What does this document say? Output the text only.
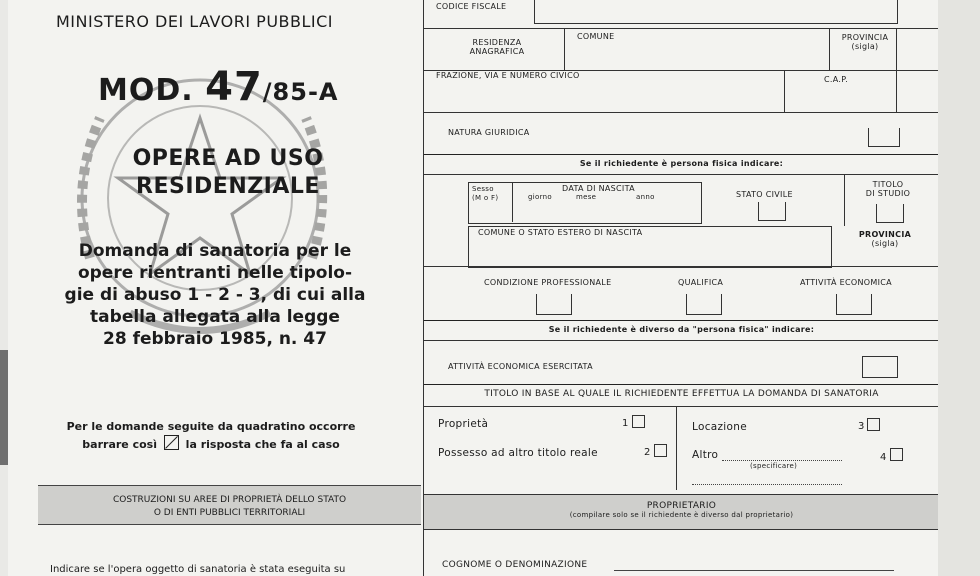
MINISTERO DEI LAVORI PUBBLICI
MOD. 47/85-A
OPERE AD USO
RESIDENZIALE
Domanda di sanatoria per le
opere rientranti nelle tipolo-
gie di abuso 1 - 2 - 3, di cui alla
tabella allegata alla legge
28 febbraio 1985, n. 47
Per le domande seguite da quadratino occorre
barrare così	la risposta che fa al caso
COSTRUZIONI SU AREE DI PROPRIETÀ DELLO STATO
O DI ENTI PUBBLICI TERRITORIALI
Indicare se l'opera oggetto di sanatoria è stata eseguita su
CODICE FISCALE
RESIDENZA
ANAGRAFICA
COMUNE	PROVINCIA
(sigla)
FRAZIONE, VIA E NUMERO CIVICO	C.A.P.
NATURA GIURIDICA
Se il richiedente è persona fisica indicare:
Sesso
(M o F)
DATA DI NASCITA
giorno	mese	anno	STATO CIVILE
TITOLO
DI STUDIO
COMUNE O STATO ESTERO DI NASCITA	PROVINCIA
(sigla)
CONDIZIONE PROFESSIONALE	QUALIFICA	ATTIVITÀ ECONOMICA
Se il richiedente è diverso da "persona fisica" indicare:
ATTIVITÀ ECONOMICA ESERCITATA
TITOLO IN BASE AL QUALE IL RICHIEDENTE EFFETTUA LA DOMANDA DI SANATORIA
Proprietà	1
Possesso ad altro titolo reale	2
Locazione	3
Altro	4
(specificare)
PROPRIETARIO
(compilare solo se il richiedente è diverso dal proprietario)
COGNOME O DENOMINAZIONE
